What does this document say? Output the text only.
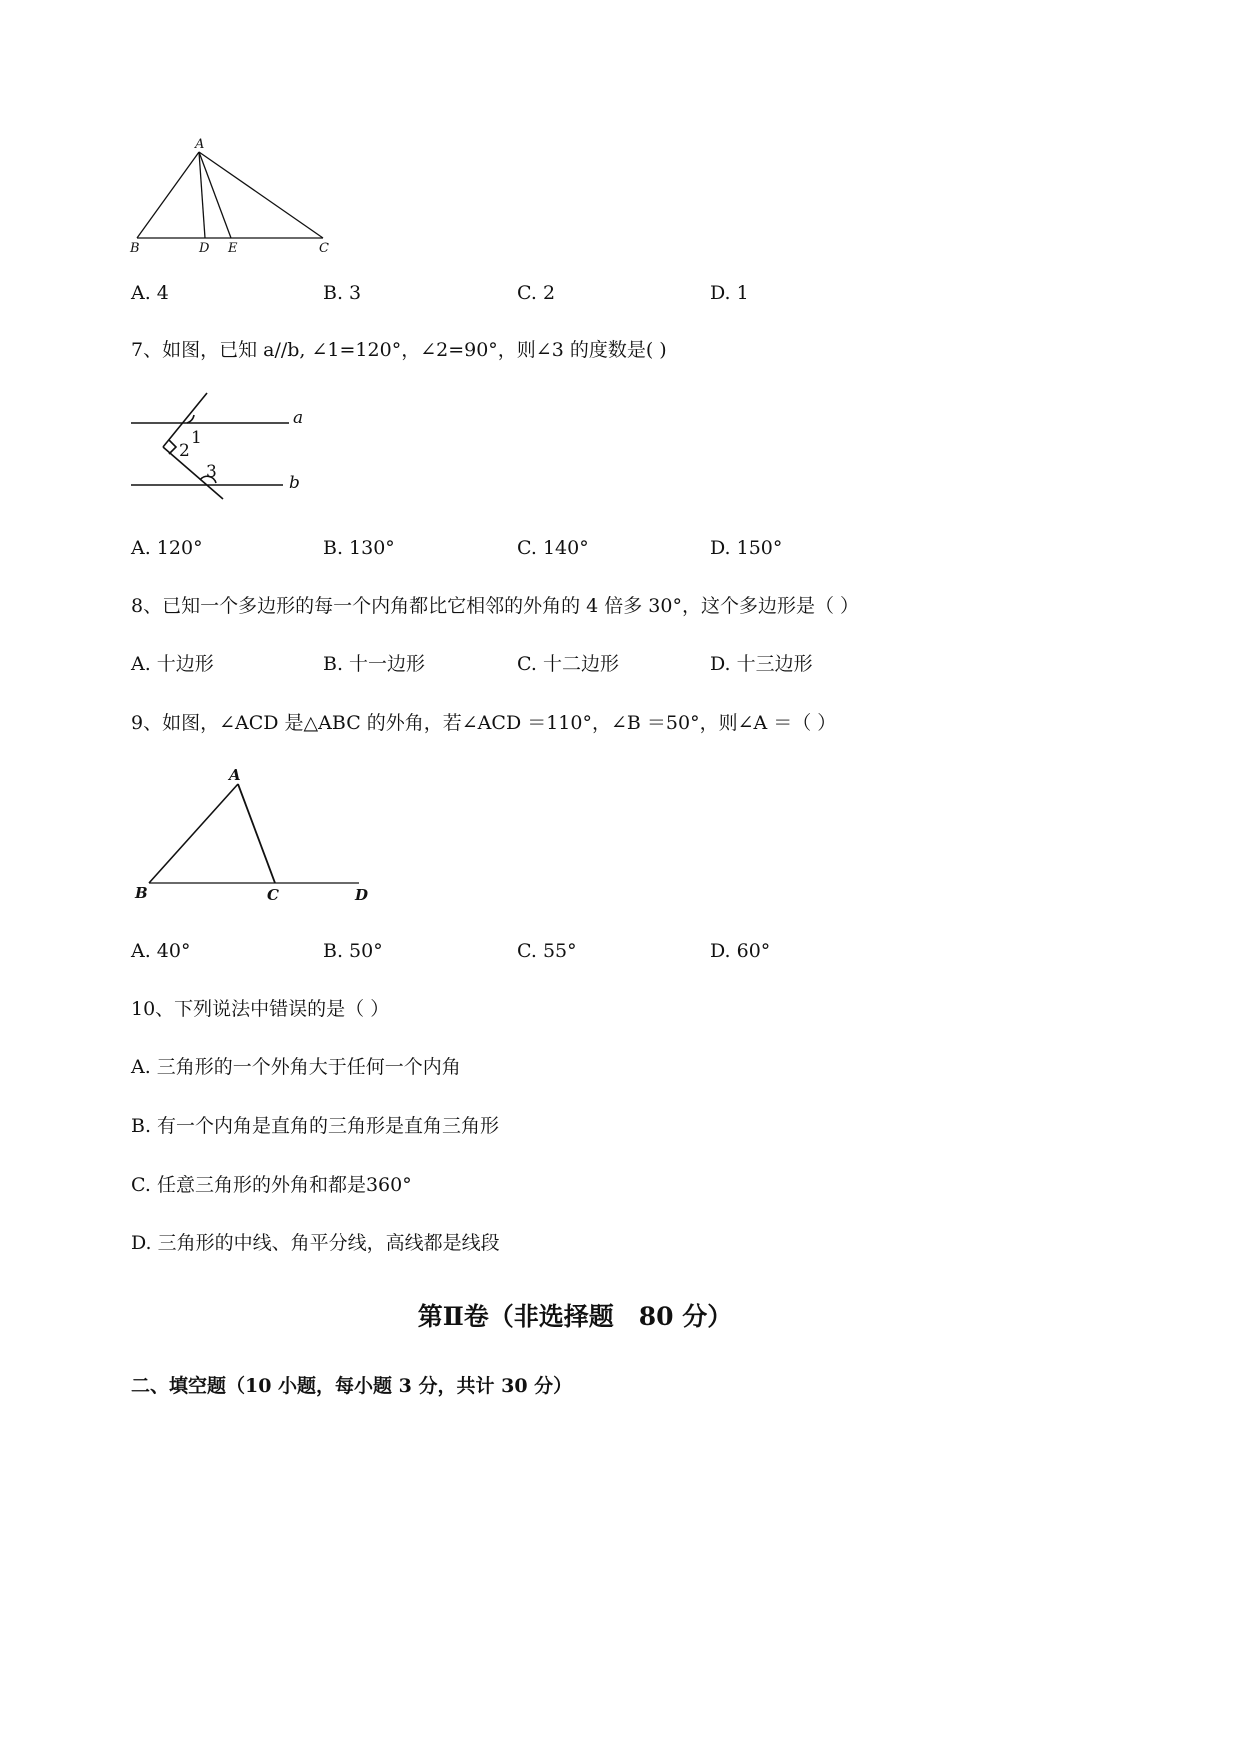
A
B	D E	C
A. 4	B. 3	C. 2	D. 1
7、如图，已知 a//b, ∠1=120°，∠2=90°，则∠3 的度数是( )
1
2
3
a
b
A. 120°	B. 130°	C. 140°	D. 150°
8、已知一个多边形的每一个内角都比它相邻的外角的 4 倍多 30°，这个多边形是（ ）
A. 十边形	B. 十一边形	C. 十二边形	D. 十三边形
9、如图，∠ACD 是△ABC 的外角，若∠ACD ＝110°，∠B ＝50°，则∠A ＝（ ）
A
B	C	D
A. 40°	B. 50°	C. 55°	D. 60°
10、下列说法中错误的是（ ）
A. 三角形的一个外角大于任何一个内角
B. 有一个内角是直角的三角形是直角三角形
C. 任意三角形的外角和都是360°
D. 三角形的中线、角平分线，高线都是线段
第Ⅱ卷（非选择题　80 分）
二、填空题（10 小题，每小题 3 分，共计 30 分）
